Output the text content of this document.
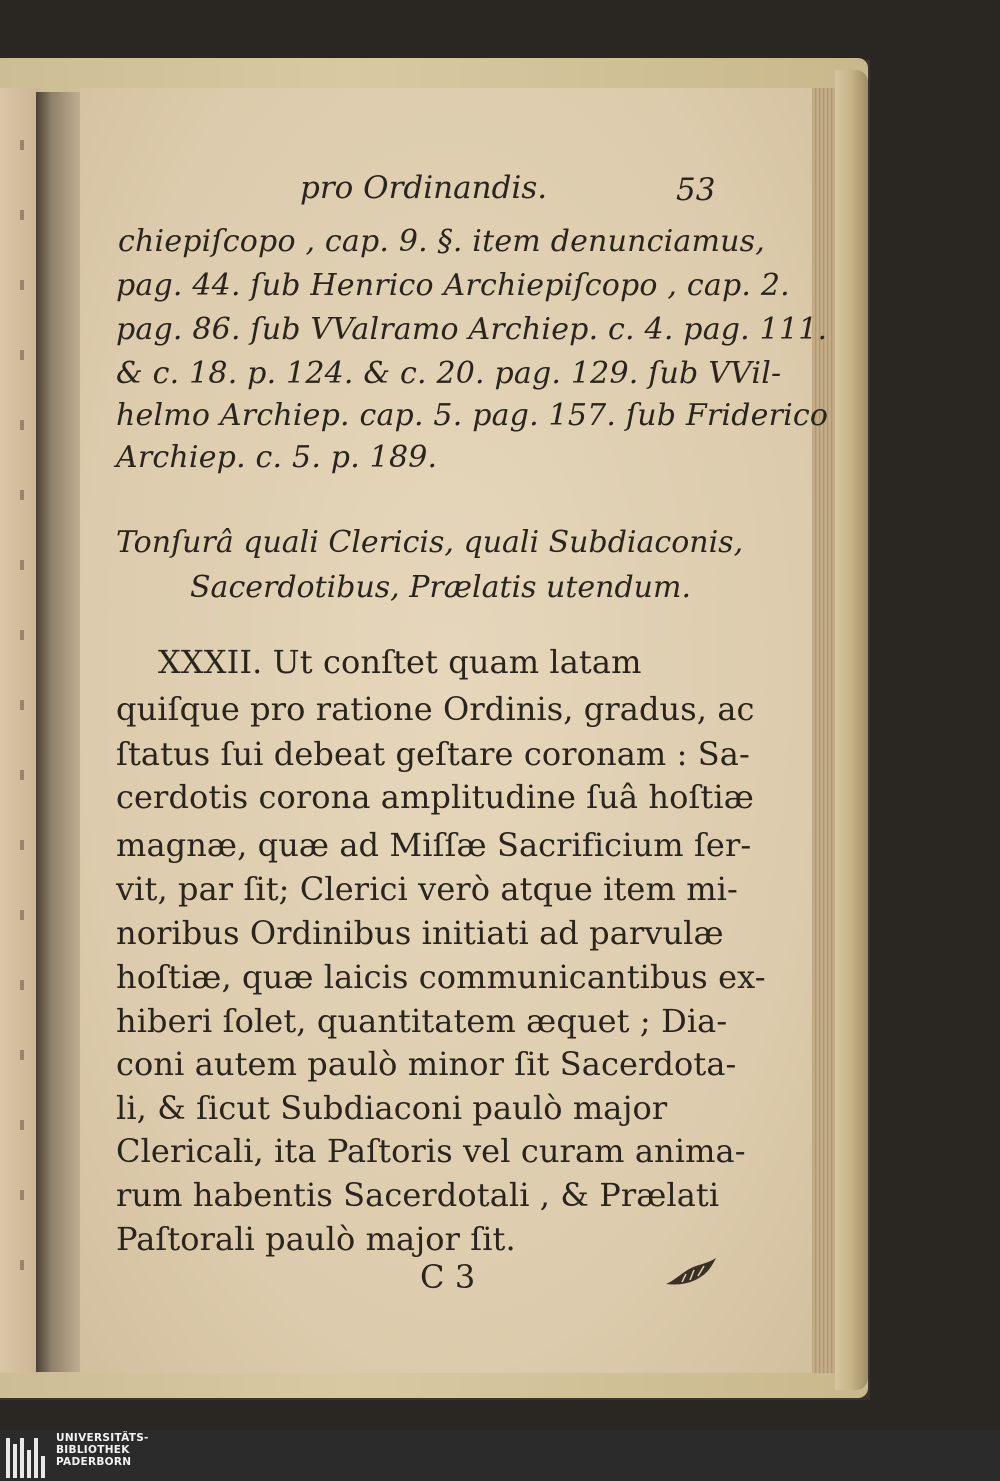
pro Ordinandis.	53
chiepiſcopo , cap. 9. §. item denunciamus,
pag. 44. ſub Henrico Archiepiſcopo , cap. 2.
pag. 86. ſub VValramo Archiep. c. 4. pag. 111.
& c. 18. p. 124. & c. 20. pag. 129. ſub VVil-
helmo Archiep. cap. 5. pag. 157. ſub Friderico
Archiep. c. 5. p. 189.
Tonſurâ quali Clericis, quali Subdiaconis,
Sacerdotibus, Prælatis utendum.
XXXII. Ut conſtet quam latam
quiſque pro ratione Ordinis, gradus, ac
ſtatus ſui debeat geſtare coronam : Sa-
cerdotis corona amplitudine ſuâ hoſtiæ
magnæ, quæ ad Miſſæ Sacrificium ſer-
vit, par ſit; Clerici verò atque item mi-
noribus Ordinibus initiati ad parvulæ
hoſtiæ, quæ laicis communicantibus ex-
hiberi ſolet, quantitatem æquet ; Dia-
coni autem paulò minor ſit Sacerdota-
li, & ſicut Subdiaconi paulò major
Clericali, ita Paſtoris vel curam anima-
rum habentis Sacerdotali , & Prælati
Paſtorali paulò major ſit.
C 3
UNIVERSITÄTS-
BIBLIOTHEK
PADERBORN
